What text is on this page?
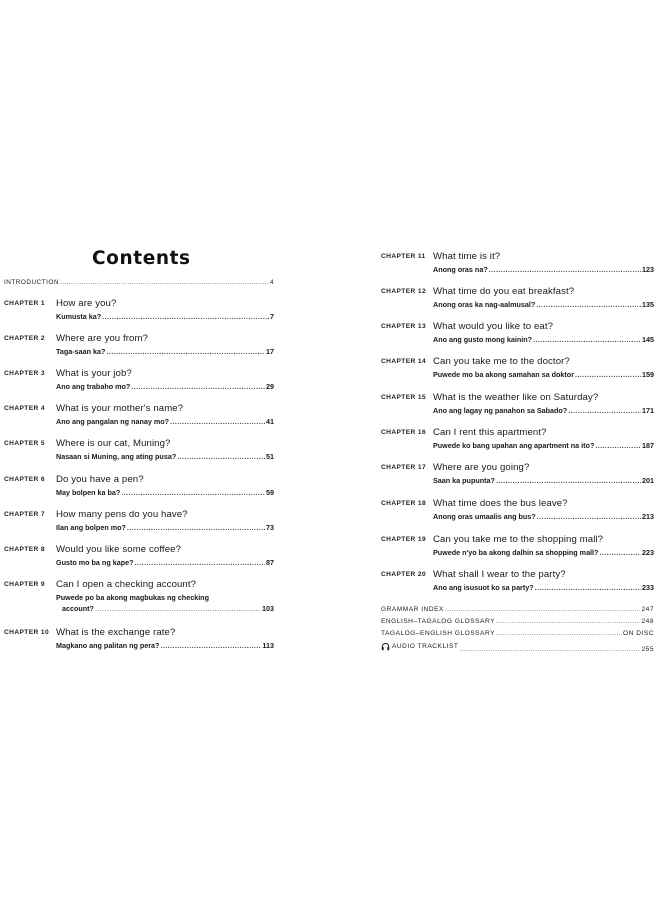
Contents
INTRODUCTION .....	4
CHAPTER 1 How are you?
Kumusta ka? .....	7
CHAPTER 2 Where are you from?
Taga-saan ka? .....	17
CHAPTER 3 What is your job?
Ano ang trabaho mo? .....	29
CHAPTER 4 What is your mother's name?
Ano ang pangalan ng nanay mo? .....	41
CHAPTER 5 Where is our cat, Muning?
Nasaan si Muning, ang ating pusa? .....	51
CHAPTER 6 Do you have a pen?
May bolpen ka ba? .....	59
CHAPTER 7 How many pens do you have?
Ilan ang bolpen mo? .....	73
CHAPTER 8 Would you like some coffee?
Gusto mo ba ng kape? .....	87
CHAPTER 9 Can I open a checking account?
Puwede po ba akong magbukas ng checking
account? .....	103
CHAPTER 10 What is the exchange rate?
Magkano ang palitan ng pera? .....	113
CHAPTER 11 What time is it?
Anong oras na? .....	123
CHAPTER 12 What time do you eat breakfast?
Anong oras ka nag-aalmusal? .....	135
CHAPTER 13 What would you like to eat?
Ano ang gusto mong kainin? .....	145
CHAPTER 14 Can you take me to the doctor?
Puwede mo ba akong samahan sa doktor .....	159
CHAPTER 15 What is the weather like on Saturday?
Ano ang lagay ng panahon sa Sabado? .....	171
CHAPTER 16 Can I rent this apartment?
Puwede ko bang upahan ang apartment na ito? .....	187
CHAPTER 17 Where are you going?
Saan ka pupunta? .....	201
CHAPTER 18 What time does the bus leave?
Anong oras umaalis ang bus? .....	213
CHAPTER 19 Can you take me to the shopping mall?
Puwede n'yo ba akong dalhin sa shopping mall? .....	223
CHAPTER 20 What shall I wear to the party?
Ano ang isusuot ko sa party? .....	233
GRAMMAR INDEX .....	247
ENGLISH–TAGALOG GLOSSARY .....	248
TAGALOG–ENGLISH GLOSSARY .....	ON DISC
AUDIO TRACKLIST .....	255
